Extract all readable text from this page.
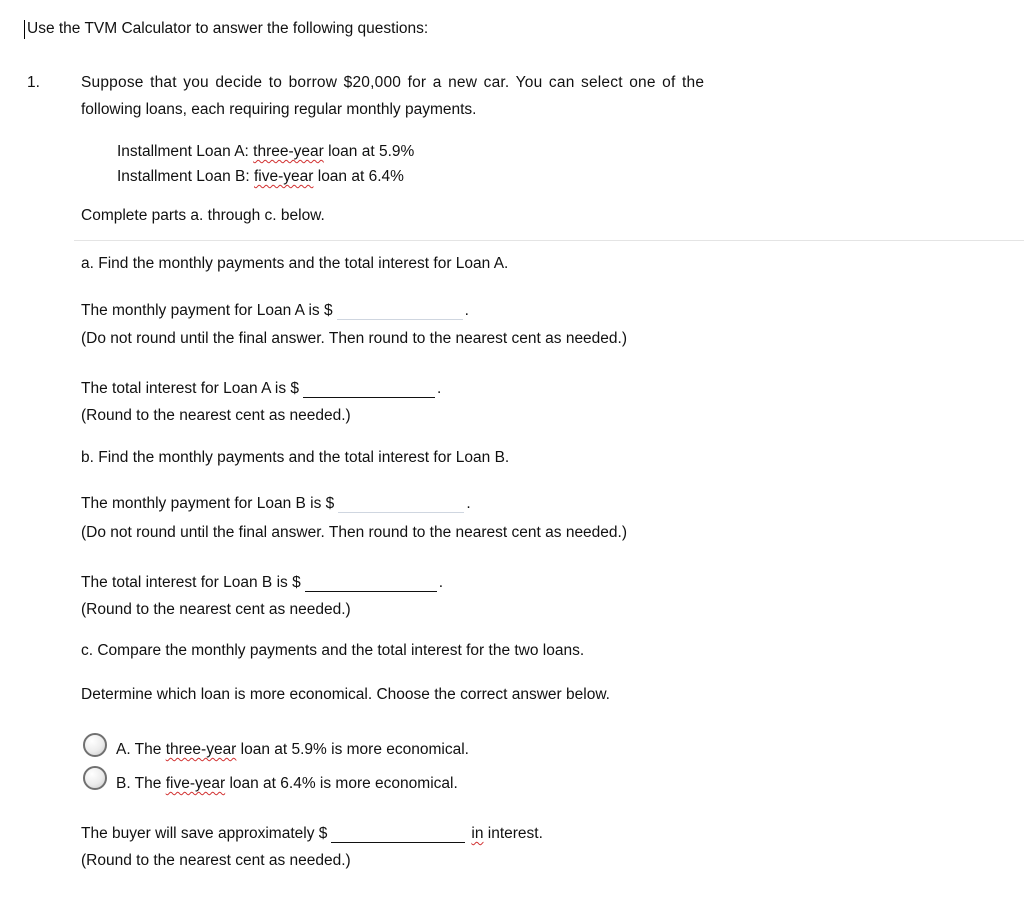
Use the TVM Calculator to answer the following questions:
1.	Suppose that you decide to borrow $20,000 for a new car. You can select one of the
following loans, each requiring regular monthly payments.
Installment Loan A: three-year loan at 5.9%
Installment Loan B: five-year loan at 6.4%
Complete parts a. through c. below.
a. Find the monthly payments and the total interest for Loan A.
The monthly payment for Loan A is $	.
(Do not round until the final answer. Then round to the nearest cent as needed.)
The total interest for Loan A is $	.
(Round to the nearest cent as needed.)
b. Find the monthly payments and the total interest for Loan B.
The monthly payment for Loan B is $	.
(Do not round until the final answer. Then round to the nearest cent as needed.)
The total interest for Loan B is $	.
(Round to the nearest cent as needed.)
c. Compare the monthly payments and the total interest for the two loans.
Determine which loan is more economical. Choose the correct answer below.
A. The three-year loan at 5.9% is more economical.
B. The five-year loan at 6.4% is more economical.
The buyer will save approximately $	in interest.
(Round to the nearest cent as needed.)
